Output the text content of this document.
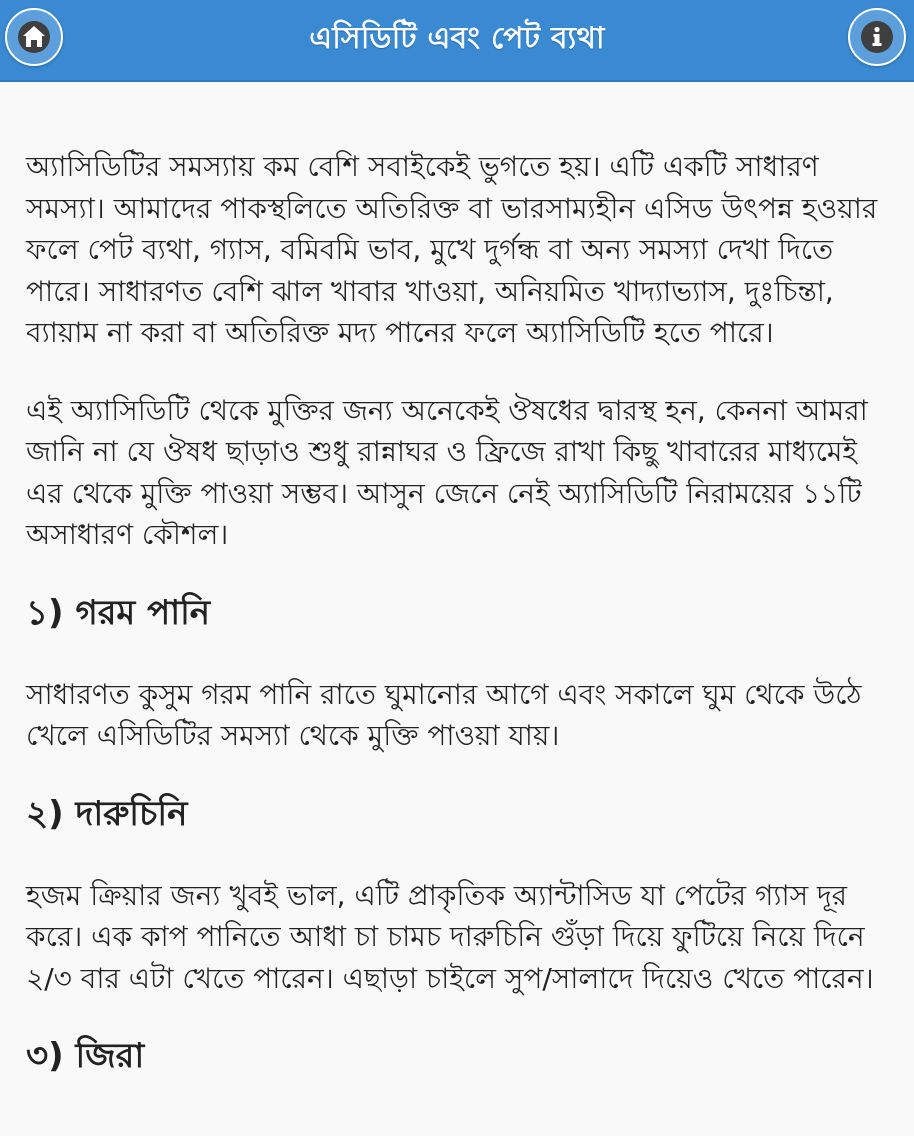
এসিডিটি এবং পেট ব্যথা

অ্যাসিডিটির সমস্যায় কম বেশি সবাইকেই ভুগতে হয়। এটি একটি সাধারণ সমস্যা। আমাদের পাকস্থলিতে অতিরিক্ত বা ভারসাম্যহীন এসিড উৎপন্ন হওয়ার ফলে পেট ব্যথা, গ্যাস, বমিবমি ভাব, মুখে দুর্গন্ধ বা অন্য সমস্যা দেখা দিতে পারে। সাধারণত বেশি ঝাল খাবার খাওয়া, অনিয়মিত খাদ্যাভ্যাস, দুঃচিন্তা, ব্যায়াম না করা বা অতিরিক্ত মদ্য পানের ফলে অ্যাসিডিটি হতে পারে।

এই অ্যাসিডিটি থেকে মুক্তির জন্য অনেকেই ঔষধের দ্বারস্থ হন, কেননা আমরা জানি না যে ঔষধ ছাড়াও শুধু রান্নাঘর ও ফ্রিজে রাখা কিছু খাবারের মাধ্যমেই এর থেকে মুক্তি পাওয়া সম্ভব। আসুন জেনে নেই অ্যাসিডিটি নিরাময়ের ১১টি অসাধারণ কৌশল।

১) গরম পানি

সাধারণত কুসুম গরম পানি রাতে ঘুমানোর আগে এবং সকালে ঘুম থেকে উঠে খেলে এসিডিটির সমস্যা থেকে মুক্তি পাওয়া যায়।

২) দারুচিনি

হজম ক্রিয়ার জন্য খুবই ভাল, এটি প্রাকৃতিক অ্যান্টাসিড যা পেটের গ্যাস দূর করে। এক কাপ পানিতে আধা চা চামচ দারুচিনি গুঁড়া দিয়ে ফুটিয়ে নিয়ে দিনে ২/৩ বার এটা খেতে পারেন। এছাড়া চাইলে সুপ/সালাদে দিয়েও খেতে পারেন।

৩) জিরা
